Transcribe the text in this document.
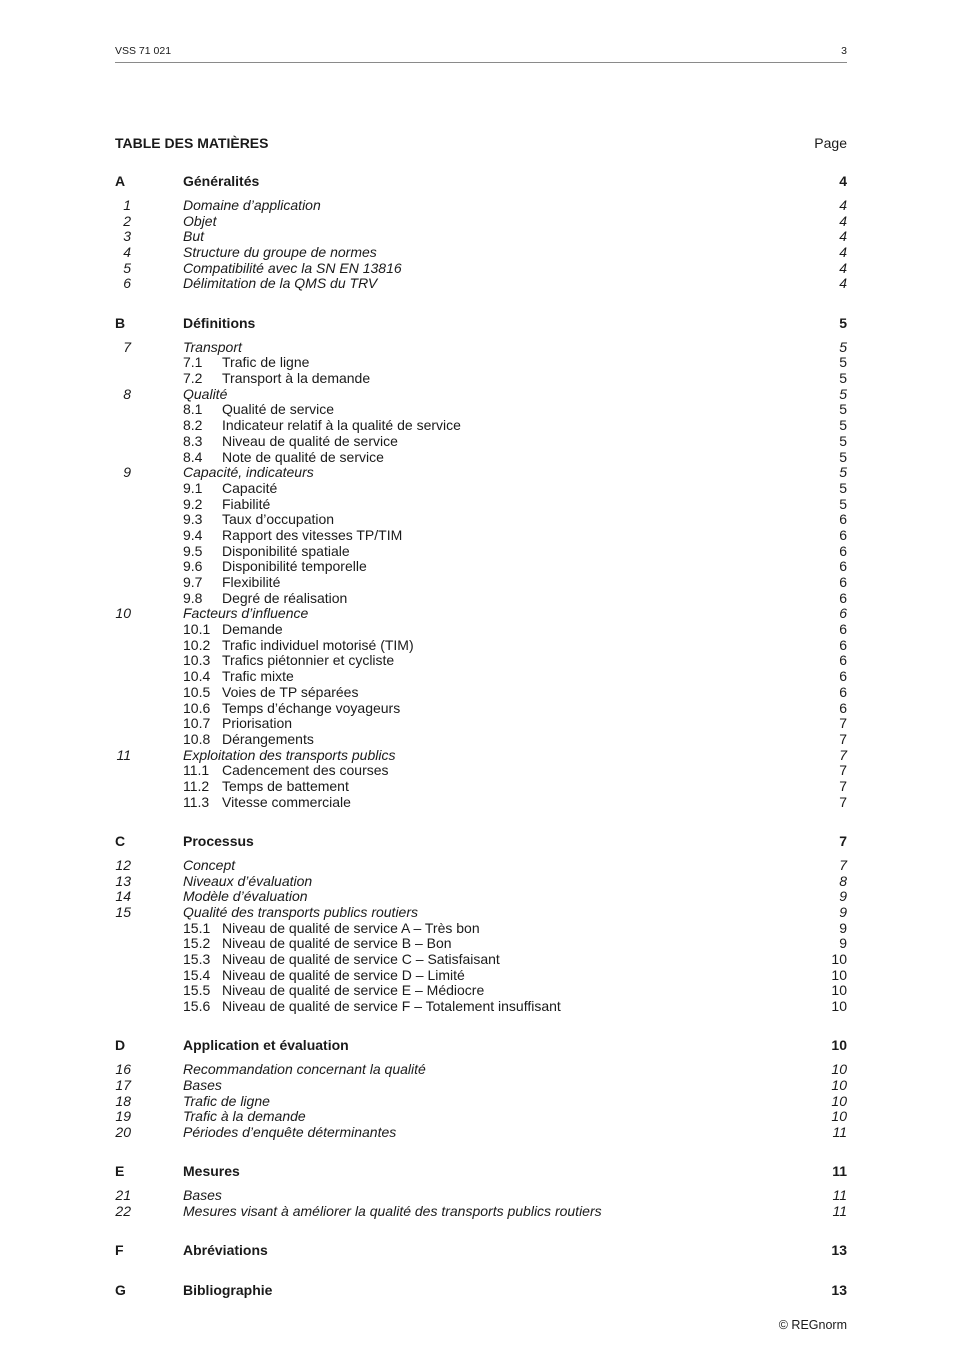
VSS 71 021	3
TABLE DES MATIÈRES	Page
A	Généralités	4
1	Domaine d’application	4
2	Objet	4
3	But	4
4	Structure du groupe de normes	4
5	Compatibilité avec la SN EN 13816	4
6	Délimitation de la QMS du TRV	4
B	Définitions	5
7	Transport	5
7.1 Trafic de ligne	5
7.2 Transport à la demande	5
8	Qualité	5
8.1 Qualité de service	5
8.2 Indicateur relatif à la qualité de service	5
8.3 Niveau de qualité de service	5
8.4 Note de qualité de service	5
9	Capacité, indicateurs	5
9.1 Capacité	5
9.2 Fiabilité	5
9.3 Taux d’occupation	6
9.4 Rapport des vitesses TP/TIM	6
9.5 Disponibilité spatiale	6
9.6 Disponibilité temporelle	6
9.7 Flexibilité	6
9.8 Degré de réalisation	6
10	Facteurs d’influence	6
10.1 Demande	6
10.2 Trafic individuel motorisé (TIM)	6
10.3 Trafics piétonnier et cycliste	6
10.4 Trafic mixte	6
10.5 Voies de TP séparées	6
10.6 Temps d’échange voyageurs	6
10.7 Priorisation	7
10.8 Dérangements	7
11	Exploitation des transports publics	7
11.1 Cadencement des courses	7
11.2 Temps de battement	7
11.3 Vitesse commerciale	7
C	Processus	7
12	Concept	7
13	Niveaux d’évaluation	8
14	Modèle d’évaluation	9
15	Qualité des transports publics routiers	9
15.1 Niveau de qualité de service A – Très bon	9
15.2 Niveau de qualité de service B – Bon	9
15.3 Niveau de qualité de service C – Satisfaisant	10
15.4 Niveau de qualité de service D – Limité	10
15.5 Niveau de qualité de service E – Médiocre	10
15.6 Niveau de qualité de service F – Totalement insuffisant	10
D	Application et évaluation	10
16	Recommandation concernant la qualité	10
17	Bases	10
18	Trafic de ligne	10
19	Trafic à la demande	10
20	Périodes d’enquête déterminantes	11
E	Mesures	11
21	Bases	11
22	Mesures visant à améliorer la qualité des transports publics routiers	11
F	Abréviations	13
G	Bibliographie	13
© REGnorm
